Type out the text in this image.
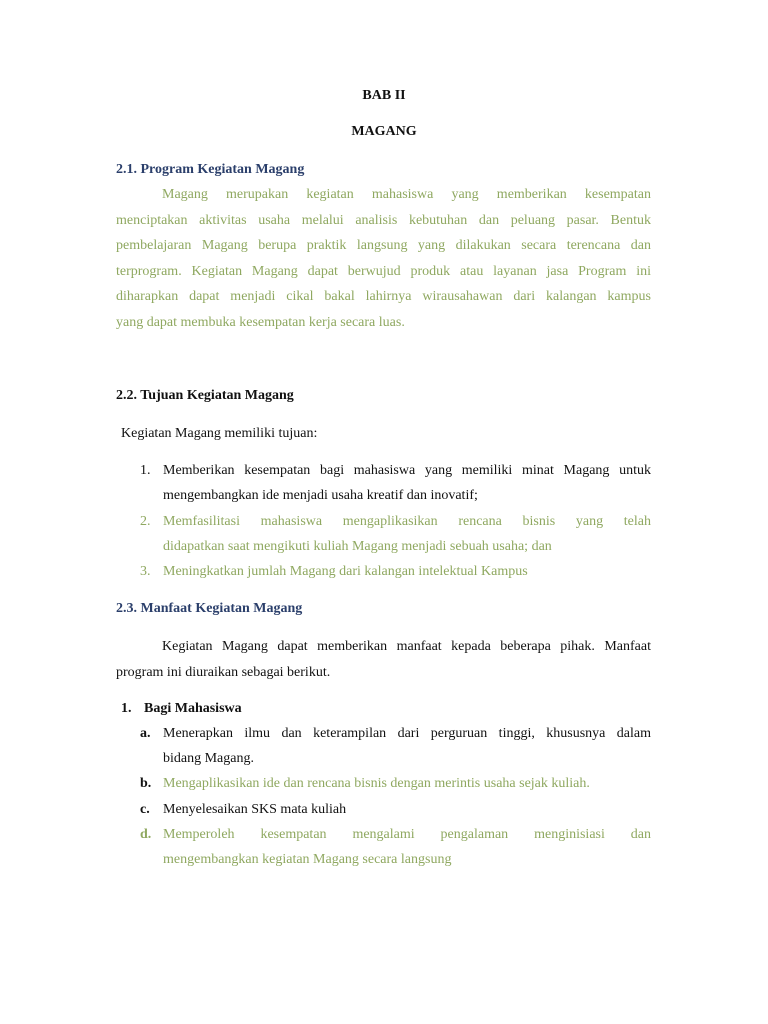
BAB II
MAGANG
2.1. Program Kegiatan Magang
Magang merupakan kegiatan mahasiswa yang memberikan kesempatan
menciptakan aktivitas usaha melalui analisis kebutuhan dan peluang pasar. Bentuk
pembelajaran Magang berupa praktik langsung yang dilakukan secara terencana dan
terprogram. Kegiatan Magang dapat berwujud produk atau layanan jasa Program ini
diharapkan dapat menjadi cikal bakal lahirnya wirausahawan dari kalangan kampus
yang dapat membuka kesempatan kerja secara luas.
2.2. Tujuan Kegiatan Magang
Kegiatan Magang memiliki tujuan:
1. Memberikan kesempatan bagi mahasiswa yang memiliki minat Magang untuk
mengembangkan ide menjadi usaha kreatif dan inovatif;
2. Memfasilitasi mahasiswa mengaplikasikan rencana bisnis yang telah
didapatkan saat mengikuti kuliah Magang menjadi sebuah usaha; dan
3. Meningkatkan jumlah Magang dari kalangan intelektual Kampus
2.3. Manfaat Kegiatan Magang
Kegiatan Magang dapat memberikan manfaat kepada beberapa pihak. Manfaat
program ini diuraikan sebagai berikut.
1. Bagi Mahasiswa
a. Menerapkan ilmu dan keterampilan dari perguruan tinggi, khususnya dalam
bidang Magang.
b. Mengaplikasikan ide dan rencana bisnis dengan merintis usaha sejak kuliah.
c. Menyelesaikan SKS mata kuliah
d. Memperoleh kesempatan mengalami pengalaman menginisiasi dan
mengembangkan kegiatan Magang secara langsung
